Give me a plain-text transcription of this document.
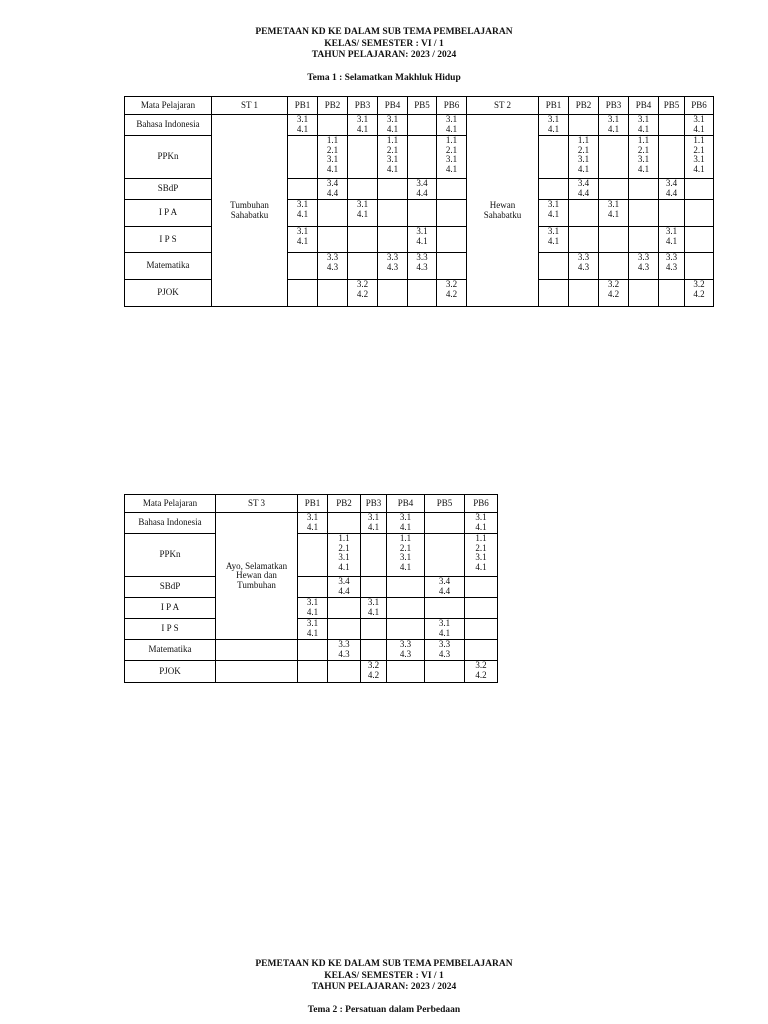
PEMETAAN KD KE DALAM SUB TEMA PEMBELAJARAN
KELAS/ SEMESTER : VI / 1
TAHUN PELAJARAN: 2023 / 2024
Tema 1 : Selamatkan Makhluk Hidup
Mata Pelajaran	ST 1	PB1	PB2	PB3	PB4	PB5	PB6	ST 2	PB1	PB2	PB3	PB4	PB5	PB6
Bahasa Indonesia	Tumbuhan
Sahabatku	3.1
4.1		3.1
4.1	3.1
4.1		3.1
4.1	Hewan
Sahabatku	3.1
4.1		3.1
4.1	3.1
4.1		3.1
4.1

PPKn			1.1
2.1
3.1
4.1		1.1
2.1
3.1
4.1		1.1
2.1
3.1
4.1			1.1
2.1
3.1
4.1		1.1
2.1
3.1
4.1		1.1
2.1
3.1
4.1

SBdP			3.4
4.4			3.4
4.4				3.4
4.4			3.4
4.4	

I P A		3.1
4.1		3.1
4.1					3.1
4.1		3.1
4.1			

I P S		3.1
4.1				3.1
4.1			3.1
4.1				3.1
4.1	

Matematika			3.3
4.3		3.3
4.3	3.3
4.3				3.3
4.3		3.3
4.3	3.3
4.3	

PJOK				3.2
4.2			3.2
4.2				3.2
4.2			3.2
4.2
Mata Pelajaran	ST 3	PB1	PB2	PB3	PB4	PB5	PB6
Bahasa Indonesia	Ayo, Selamatkan
Hewan dan
Tumbuhan	3.1
4.1		3.1
4.1	3.1
4.1		3.1
4.1

PPKn			1.1
2.1
3.1
4.1		1.1
2.1
3.1
4.1		1.1
2.1
3.1
4.1

SBdP			3.4
4.4			3.4
4.4	

I P A		3.1
4.1		3.1
4.1			

I P S		3.1
4.1				3.1
4.1	

Matematika			3.3
4.3		3.3
4.3	3.3
4.3	

PJOK				3.2
4.2			3.2
4.2
PEMETAAN KD KE DALAM SUB TEMA PEMBELAJARAN
KELAS/ SEMESTER : VI / 1
TAHUN PELAJARAN: 2023 / 2024
Tema 2 : Persatuan dalam Perbedaan
